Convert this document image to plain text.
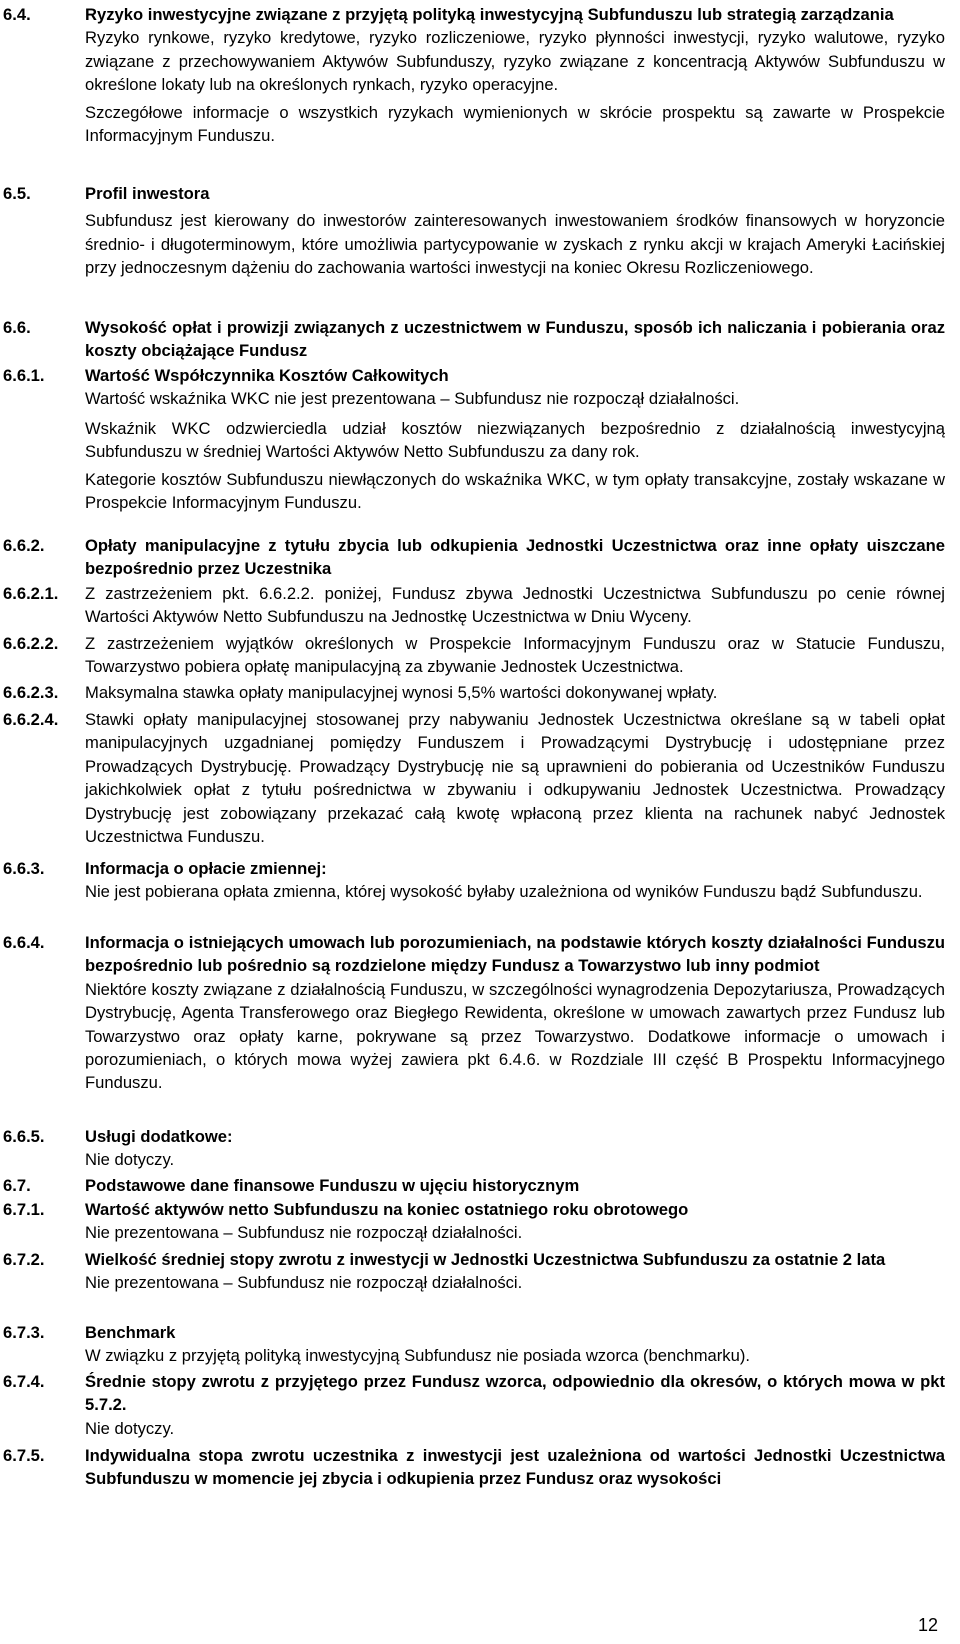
6.4.	Ryzyko inwestycyjne związane z przyjętą polityką inwestycyjną Subfunduszu lub strategią zarządzania

Ryzyko rynkowe, ryzyko kredytowe, ryzyko rozliczeniowe, ryzyko płynności inwestycji, ryzyko walutowe, ryzyko związane z przechowywaniem Aktywów Subfunduszy, ryzyko związane z koncentracją Aktywów Subfunduszu w określone lokaty lub na określonych rynkach, ryzyko operacyjne.

Szczegółowe informacje o wszystkich ryzykach wymienionych w skrócie prospektu są zawarte w Prospekcie Informacyjnym Funduszu.

6.5.	Profil inwestora

Subfundusz jest kierowany do inwestorów zainteresowanych inwestowaniem środków finansowych w horyzoncie średnio- i długoterminowym, które umożliwia partycypowanie w zyskach z rynku akcji w krajach Ameryki Łacińskiej przy jednoczesnym dążeniu do zachowania wartości inwestycji na koniec Okresu Rozliczeniowego.

6.6.	Wysokość opłat i prowizji związanych z uczestnictwem w Funduszu, sposób ich naliczania i pobierania oraz koszty obciążające Fundusz

6.6.1. Wartość Współczynnika Kosztów Całkowitych

Wartość wskaźnika WKC nie jest prezentowana – Subfundusz nie rozpoczął działalności.

Wskaźnik WKC odzwierciedla udział kosztów niezwiązanych bezpośrednio z działalnością inwestycyjną Subfunduszu w średniej Wartości Aktywów Netto Subfunduszu za dany rok.

Kategorie kosztów Subfunduszu niewłączonych do wskaźnika WKC, w tym opłaty transakcyjne, zostały wskazane w Prospekcie Informacyjnym Funduszu.

6.6.2. Opłaty manipulacyjne z tytułu zbycia lub odkupienia Jednostki Uczestnictwa oraz inne opłaty uiszczane bezpośrednio przez Uczestnika

6.6.2.1. Z zastrzeżeniem pkt. 6.6.2.2. poniżej, Fundusz zbywa Jednostki Uczestnictwa Subfunduszu po cenie równej Wartości Aktywów Netto Subfunduszu na Jednostkę Uczestnictwa w Dniu Wyceny.

6.6.2.2. Z zastrzeżeniem wyjątków określonych w Prospekcie Informacyjnym Funduszu oraz w Statucie Funduszu, Towarzystwo pobiera opłatę manipulacyjną za zbywanie Jednostek Uczestnictwa.

6.6.2.3. Maksymalna stawka opłaty manipulacyjnej wynosi 5,5% wartości dokonywanej wpłaty.

6.6.2.4. Stawki opłaty manipulacyjnej stosowanej przy nabywaniu Jednostek Uczestnictwa określane są w tabeli opłat manipulacyjnych uzgadnianej pomiędzy Funduszem i Prowadzącymi Dystrybucję i udostępniane przez Prowadzących Dystrybucję. Prowadzący Dystrybucję nie są uprawnieni do pobierania od Uczestników Funduszu jakichkolwiek opłat z tytułu pośrednictwa w zbywaniu i odkupywaniu Jednostek Uczestnictwa. Prowadzący Dystrybucję jest zobowiązany przekazać całą kwotę wpłaconą przez klienta na rachunek nabyć Jednostek Uczestnictwa Funduszu.

6.6.3. Informacja o opłacie zmiennej:

Nie jest pobierana opłata zmienna, której wysokość byłaby uzależniona od wyników Funduszu bądź Subfunduszu.

6.6.4. Informacja o istniejących umowach lub porozumieniach, na podstawie których koszty działalności Funduszu bezpośrednio lub pośrednio są rozdzielone między Fundusz a Towarzystwo lub inny podmiot

Niektóre koszty związane z działalnością Funduszu, w szczególności wynagrodzenia Depozytariusza, Prowadzących Dystrybucję, Agenta Transferowego oraz Biegłego Rewidenta, określone w umowach zawartych przez Fundusz lub Towarzystwo oraz opłaty karne, pokrywane są przez Towarzystwo. Dodatkowe informacje o umowach i porozumieniach, o których mowa wyżej zawiera pkt 6.4.6. w Rozdziale III część B Prospektu Informacyjnego Funduszu.

6.6.5. Usługi dodatkowe:

Nie dotyczy.

6.7.	Podstawowe dane finansowe Funduszu w ujęciu historycznym

6.7.1. Wartość aktywów netto Subfunduszu na koniec ostatniego roku obrotowego

Nie prezentowana – Subfundusz nie rozpoczął działalności.

6.7.2. Wielkość średniej stopy zwrotu z inwestycji w Jednostki Uczestnictwa Subfunduszu za ostatnie 2 lata

Nie prezentowana – Subfundusz nie rozpoczął działalności.

6.7.3. Benchmark

W związku z przyjętą polityką inwestycyjną Subfundusz nie posiada wzorca (benchmarku).

6.7.4. Średnie stopy zwrotu z przyjętego przez Fundusz wzorca, odpowiednio dla okresów, o których mowa w pkt 5.7.2.

Nie dotyczy.

6.7.5. Indywidualna stopa zwrotu uczestnika z inwestycji jest uzależniona od wartości Jednostki Uczestnictwa Subfunduszu w momencie jej zbycia i odkupienia przez Fundusz oraz wysokości

12
